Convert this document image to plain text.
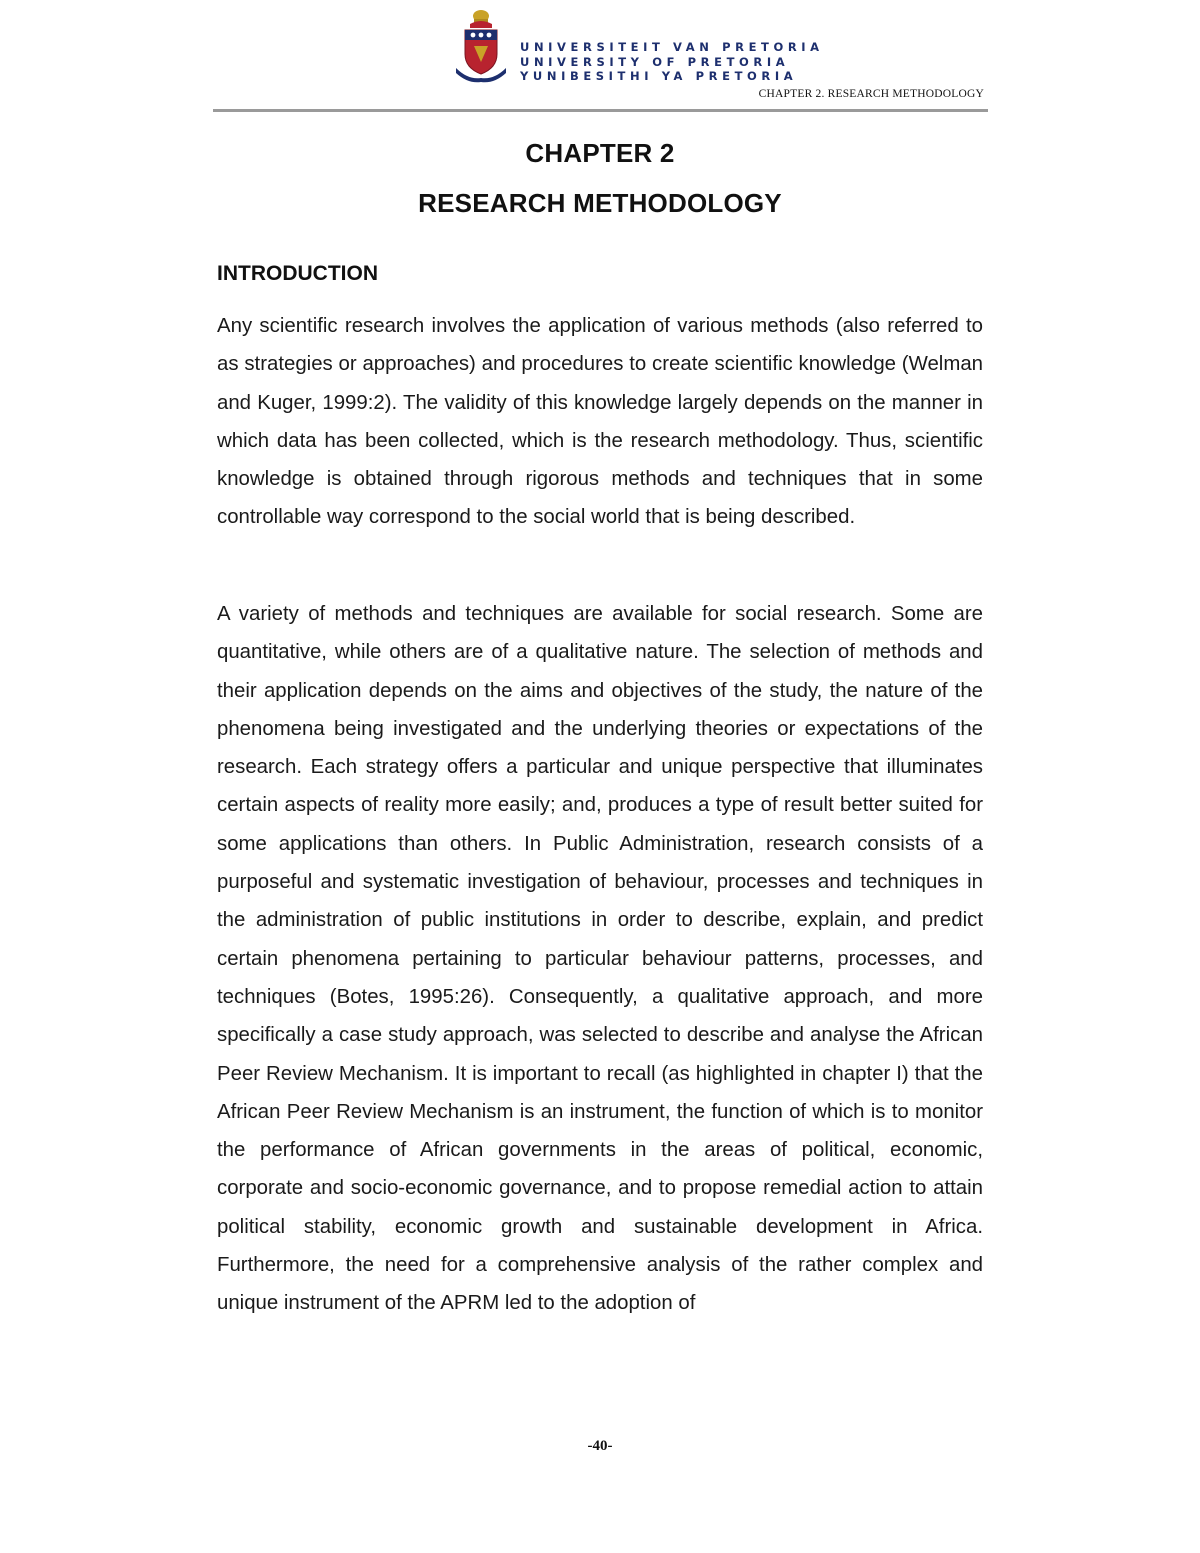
UNIVERSITEIT VAN PRETORIA
UNIVERSITY OF PRETORIA
YUNIBESITHI YA PRETORIA
CHAPTER 2. RESEARCH METHODOLOGY
CHAPTER 2
RESEARCH METHODOLOGY
INTRODUCTION

Any scientific research involves the application of various methods (also referred to as strategies or approaches) and procedures to create scientific knowledge (Welman and Kuger, 1999:2). The validity of this knowledge largely depends on the manner in which data has been collected, which is the research methodology. Thus, scientific knowledge is obtained through rigorous methods and techniques that in some controllable way correspond to the social world that is being described.

A variety of methods and techniques are available for social research. Some are quantitative, while others are of a qualitative nature. The selection of methods and their application depends on the aims and objectives of the study, the nature of the phenomena being investigated and the underlying theories or expectations of the research. Each strategy offers a particular and unique perspective that illuminates certain aspects of reality more easily; and, produces a type of result better suited for some applications than others. In Public Administration, research consists of a purposeful and systematic investigation of behaviour, processes and techniques in the administration of public institutions in order to describe, explain, and predict certain phenomena pertaining to particular behaviour patterns, processes, and techniques (Botes, 1995:26). Consequently, a qualitative approach, and more specifically a case study approach, was selected to describe and analyse the African Peer Review Mechanism. It is important to recall (as highlighted in chapter I) that the African Peer Review Mechanism is an instrument, the function of which is to monitor the performance of African governments in the areas of political, economic, corporate and socio-economic governance, and to propose remedial action to attain political stability, economic growth and sustainable development in Africa. Furthermore, the need for a comprehensive analysis of the rather complex and unique instrument of the APRM led to the adoption of

-40-
